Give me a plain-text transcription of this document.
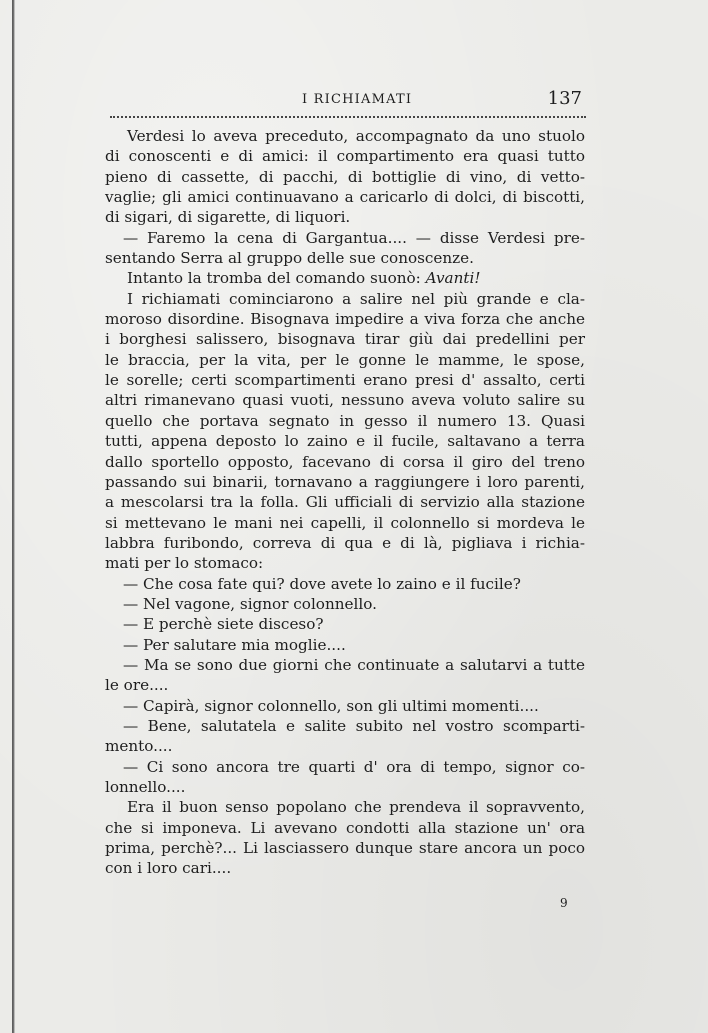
I RICHIAMATI	137
Verdesi lo aveva preceduto, accompagnato da uno stuolo
di conoscenti e di amici: il compartimento era quasi tutto
pieno di cassette, di pacchi, di bottiglie di vino, di vetto-
vaglie; gli amici continuavano a caricarlo di dolci, di biscotti,
di sigari, di sigarette, di liquori.
— Faremo la cena di Gargantua.... — disse Verdesi pre-
sentando Serra al gruppo delle sue conoscenze.
Intanto la tromba del comando suonò: Avanti!
I richiamati cominciarono a salire nel più grande e cla-
moroso disordine. Bisognava impedire a viva forza che anche
i borghesi salissero, bisognava tirar giù dai predellini per
le braccia, per la vita, per le gonne le mamme, le spose,
le sorelle; certi scompartimenti erano presi d' assalto, certi
altri rimanevano quasi vuoti, nessuno aveva voluto salire su
quello che portava segnato in gesso il numero 13. Quasi
tutti, appena deposto lo zaino e il fucile, saltavano a terra
dallo sportello opposto, facevano di corsa il giro del treno
passando sui binarii, tornavano a raggiungere i loro parenti,
a mescolarsi tra la folla. Gli ufficiali di servizio alla stazione
si mettevano le mani nei capelli, il colonnello si mordeva le
labbra furibondo, correva di qua e di là, pigliava i richia-
mati per lo stomaco:
— Che cosa fate qui? dove avete lo zaino e il fucile?
— Nel vagone, signor colonnello.
— E perchè siete disceso?
— Per salutare mia moglie....
— Ma se sono due giorni che continuate a salutarvi a tutte
le ore....
— Capirà, signor colonnello, son gli ultimi momenti....
— Bene, salutatela e salite subito nel vostro scomparti-
mento....
— Ci sono ancora tre quarti d' ora di tempo, signor co-
lonnello....
Era il buon senso popolano che prendeva il sopravvento,
che si imponeva. Li avevano condotti alla stazione un' ora
prima, perchè?... Li lasciassero dunque stare ancora un poco
con i loro cari....
9
